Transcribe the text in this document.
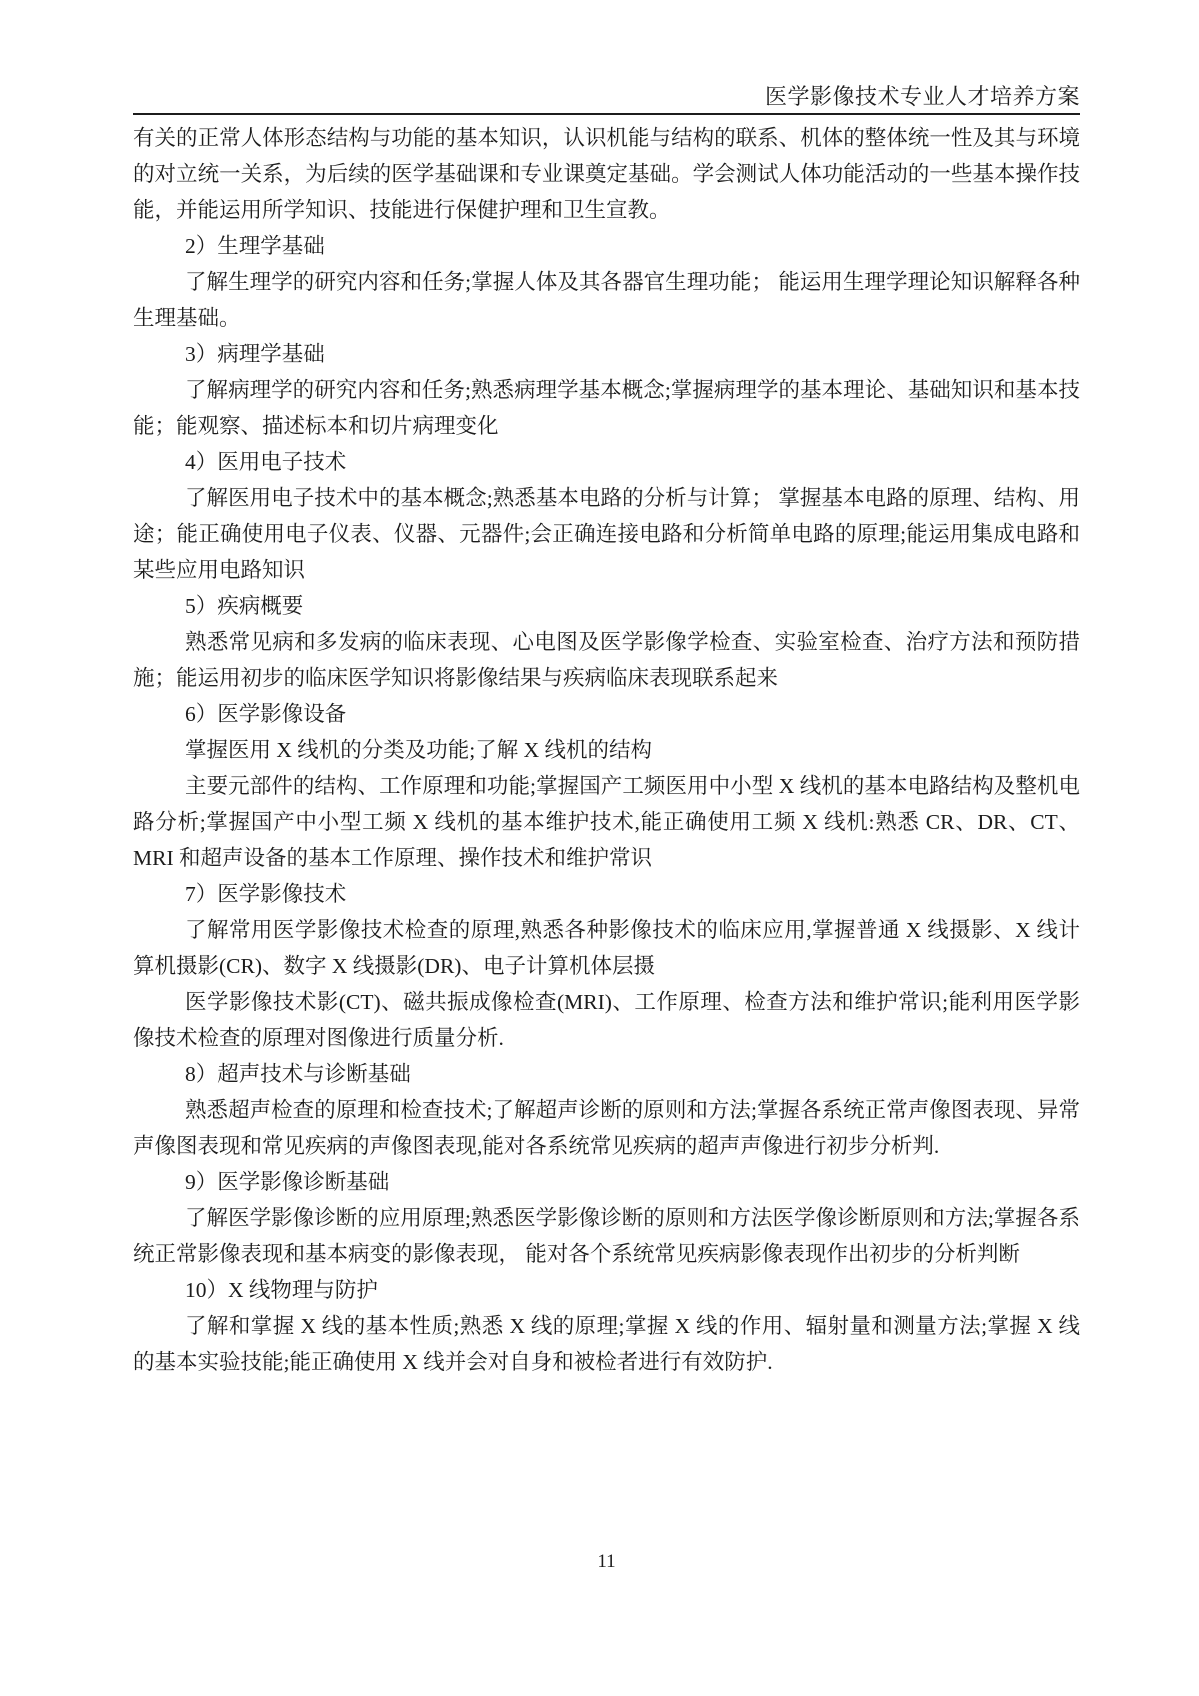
医学影像技术专业人才培养方案

有关的正常人体形态结构与功能的基本知识，认识机能与结构的联系、机体的整体统一性及其与环境的对立统一关系，为后续的医学基础课和专业课奠定基础。学会测试人体功能活动的一些基本操作技能，并能运用所学知识、技能进行保健护理和卫生宣教。

2）生理学基础

了解生理学的研究内容和任务;掌握人体及其各器官生理功能； 能运用生理学理论知识解释各种生理基础。

3）病理学基础

了解病理学的研究内容和任务;熟悉病理学基本概念;掌握病理学的基本理论、基础知识和基本技能；能观察、描述标本和切片病理变化

4）医用电子技术

了解医用电子技术中的基本概念;熟悉基本电路的分析与计算； 掌握基本电路的原理、结构、用途；能正确使用电子仪表、仪器、元器件;会正确连接电路和分析简单电路的原理;能运用集成电路和某些应用电路知识

5）疾病概要

熟悉常见病和多发病的临床表现、心电图及医学影像学检查、实验室检查、治疗方法和预防措施；能运用初步的临床医学知识将影像结果与疾病临床表现联系起来

6）医学影像设备

掌握医用 X 线机的分类及功能;了解 X 线机的结构

主要元部件的结构、工作原理和功能;掌握国产工频医用中小型 X 线机的基本电路结构及整机电路分析;掌握国产中小型工频 X 线机的基本维护技术,能正确使用工频 X 线机:熟悉 CR、DR、CT、MRI 和超声设备的基本工作原理、操作技术和维护常识

7）医学影像技术

了解常用医学影像技术检查的原理,熟悉各种影像技术的临床应用,掌握普通 X 线摄影、X 线计算机摄影(CR)、数字 X 线摄影(DR)、电子计算机体层摄

医学影像技术影(CT)、磁共振成像检查(MRI)、工作原理、检查方法和维护常识;能利用医学影像技术检查的原理对图像进行质量分析.

8）超声技术与诊断基础

熟悉超声检查的原理和检查技术;了解超声诊断的原则和方法;掌握各系统正常声像图表现、异常声像图表现和常见疾病的声像图表现,能对各系统常见疾病的超声声像进行初步分析判.

9）医学影像诊断基础

了解医学影像诊断的应用原理;熟悉医学影像诊断的原则和方法医学像诊断原则和方法;掌握各系统正常影像表现和基本病变的影像表现， 能对各个系统常见疾病影像表现作出初步的分析判断

10）X 线物理与防护

了解和掌握 X 线的基本性质;熟悉 X 线的原理;掌握 X 线的作用、辐射量和测量方法;掌握 X 线的基本实验技能;能正确使用 X 线并会对自身和被检者进行有效防护.

11
